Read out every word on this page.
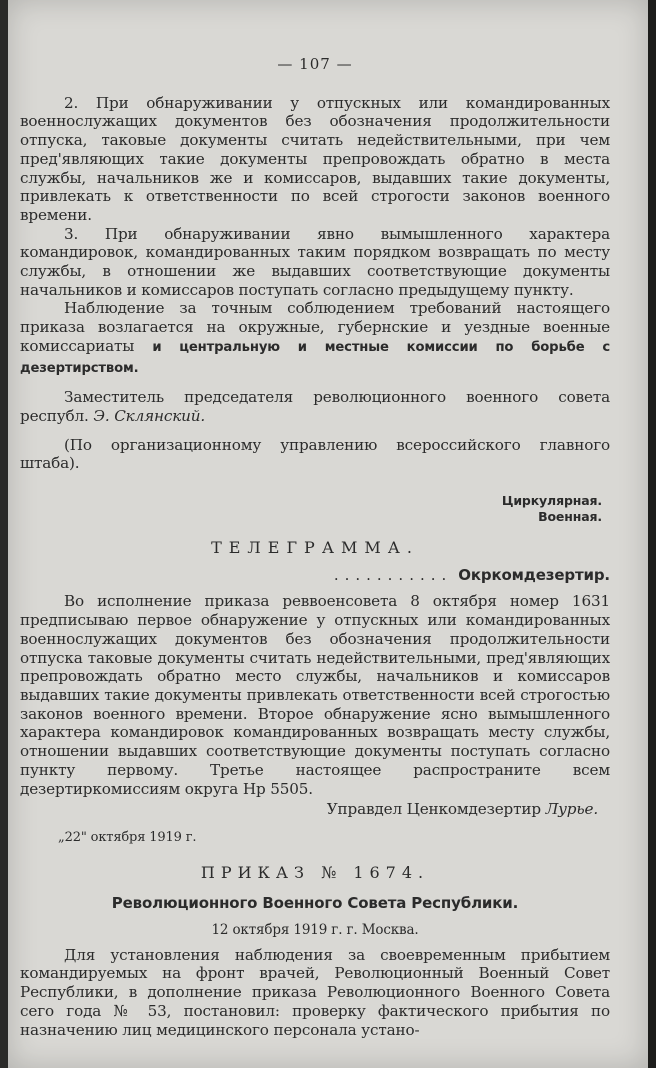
— 107 —

2. При обнаруживании у отпускных или командированных военнослужащих документов без обозначения продолжительности отпуска, таковые документы считать недействительными, при чем пред'являющих такие документы препровождать обратно в места службы, начальников же и комиссаров, выдавших такие документы, привлекать к ответственности по всей строгости законов военного времени.

3. При обнаруживании явно вымышленного характера командировок, командированных таким порядком возвращать по месту службы, в отношении же выдавших соответствующие документы начальников и комиссаров поступать согласно предыдущему пункту.

Наблюдение за точным соблюдением требований настоящего приказа возлагается на окружные, губернские и уездные военные комиссариаты и центральную и местные комиссии по борьбе с дезертирством.

Заместитель председателя революционного военного совета республ. Э. Склянский.

(По организационному управлению всероссийского главного штаба).

Циркулярная.
Военная.
ТЕЛЕГРАММА.
........... Окркомдезертир.

Во исполнение приказа реввоенсовета 8 октября номер 1631 предписываю первое обнаружение у отпускных или командированных военнослужащих документов без обозначения продолжительности отпуска таковые документы считать недействительными, пред'являющих препровождать обратно место службы, начальников и комиссаров выдавших такие документы привлекать ответственности всей строгостью законов военного времени. Второе обнаружение ясно вымышленного характера командировок командированных возвращать месту службы, отношении выдавших соответствующие документы поступать согласно пункту первому. Третье настоящее распространите всем дезертиркомиссиям округа Нр 5505.

Управдел Ценкомдезертир Лурье.
„22" октября 1919 г.
ПРИКАЗ № 1674.
Революционного Военного Совета Республики.
12 октября 1919 г. г. Москва.

Для установления наблюдения за своевременным прибытием командируемых на фронт врачей, Революционный Военный Совет Республики, в дополнение приказа Революционного Военного Совета сего года № 53, постановил: проверку фактического прибытия по назначению лиц медицинского персонала устано-
